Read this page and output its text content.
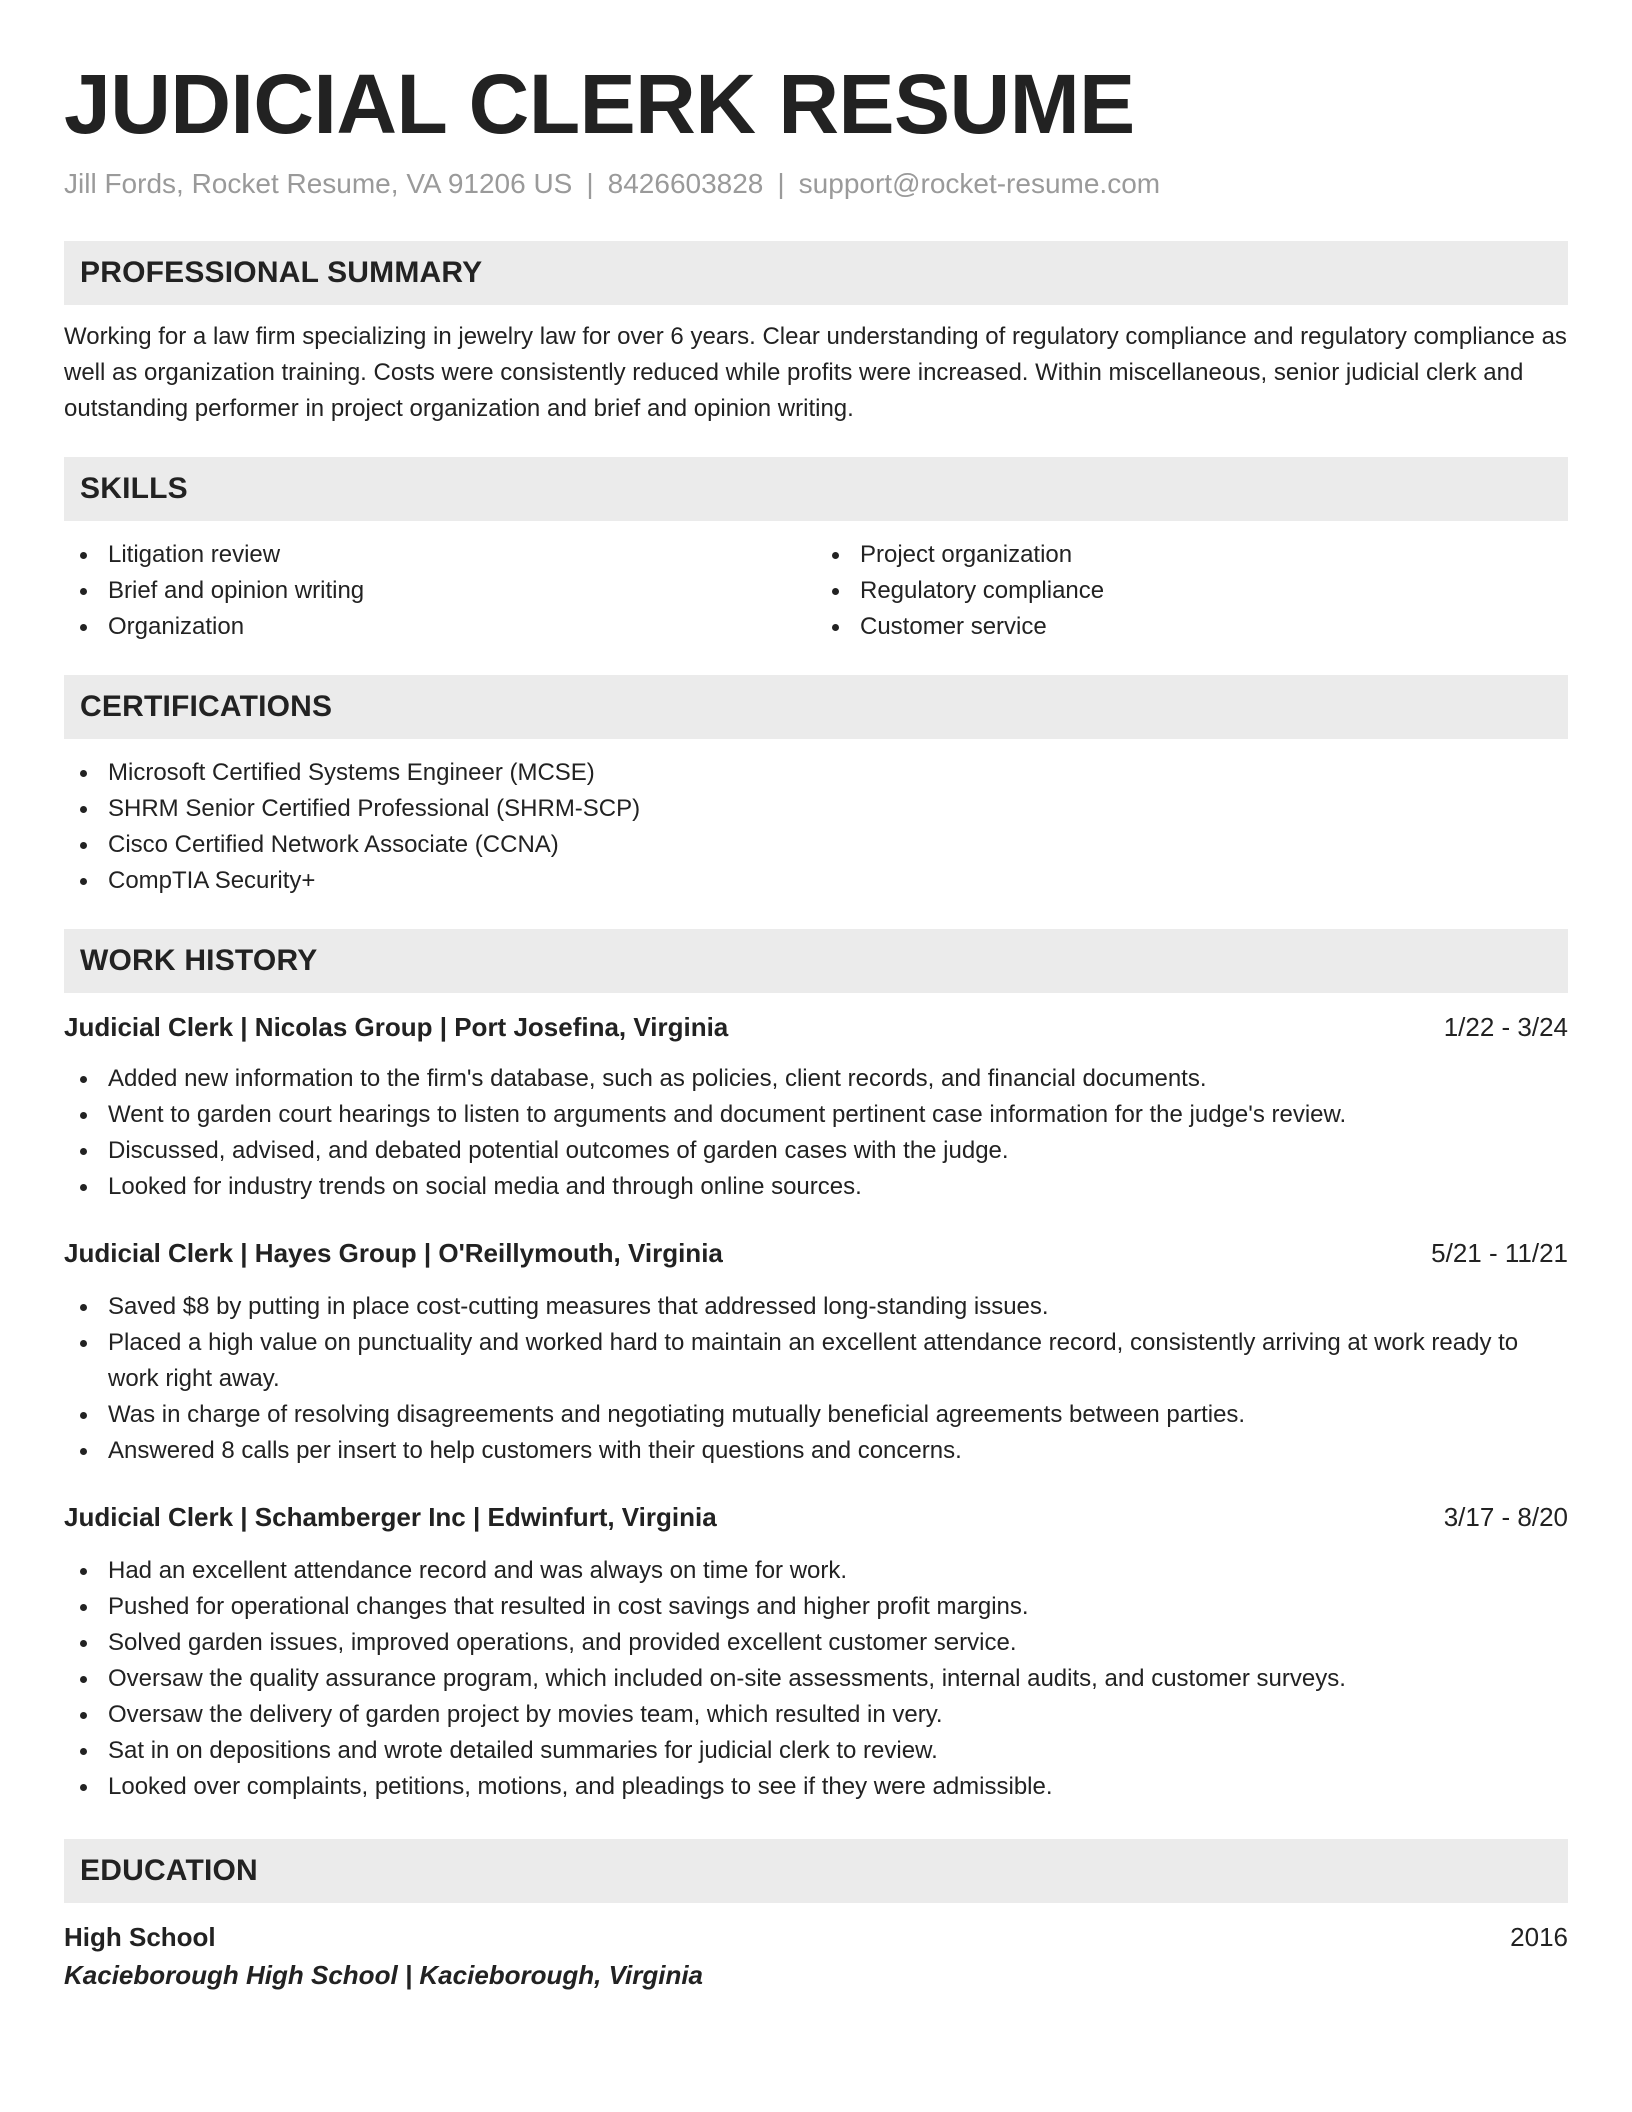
JUDICIAL CLERK RESUME
Jill Fords, Rocket Resume, VA 91206 US | 8426603828 | support@rocket-resume.com
PROFESSIONAL SUMMARY

Working for a law firm specializing in jewelry law for over 6 years. Clear understanding of regulatory compliance and regulatory compliance as well as organization training. Costs were consistently reduced while profits were increased. Within miscellaneous, senior judicial clerk and outstanding performer in project organization and brief and opinion writing.

SKILLS
Litigation review
Brief and opinion writing
Organization
Project organization
Regulatory compliance
Customer service
CERTIFICATIONS
Microsoft Certified Systems Engineer (MCSE)
SHRM Senior Certified Professional (SHRM-SCP)
Cisco Certified Network Associate (CCNA)
CompTIA Security+
WORK HISTORY
Judicial Clerk | Nicolas Group | Port Josefina, Virginia	1/22 - 3/24
Added new information to the firm's database, such as policies, client records, and financial documents.
Went to garden court hearings to listen to arguments and document pertinent case information for the judge's review.
Discussed, advised, and debated potential outcomes of garden cases with the judge.
Looked for industry trends on social media and through online sources.
Judicial Clerk | Hayes Group | O'Reillymouth, Virginia	5/21 - 11/21
Saved $8 by putting in place cost-cutting measures that addressed long-standing issues.
Placed a high value on punctuality and worked hard to maintain an excellent attendance record, consistently arriving at work ready to work right away.
Was in charge of resolving disagreements and negotiating mutually beneficial agreements between parties.
Answered 8 calls per insert to help customers with their questions and concerns.
Judicial Clerk | Schamberger Inc | Edwinfurt, Virginia	3/17 - 8/20
Had an excellent attendance record and was always on time for work.
Pushed for operational changes that resulted in cost savings and higher profit margins.
Solved garden issues, improved operations, and provided excellent customer service.
Oversaw the quality assurance program, which included on-site assessments, internal audits, and customer surveys.
Oversaw the delivery of garden project by movies team, which resulted in very.
Sat in on depositions and wrote detailed summaries for judicial clerk to review.
Looked over complaints, petitions, motions, and pleadings to see if they were admissible.
EDUCATION
High School	2016
Kacieborough High School | Kacieborough, Virginia
